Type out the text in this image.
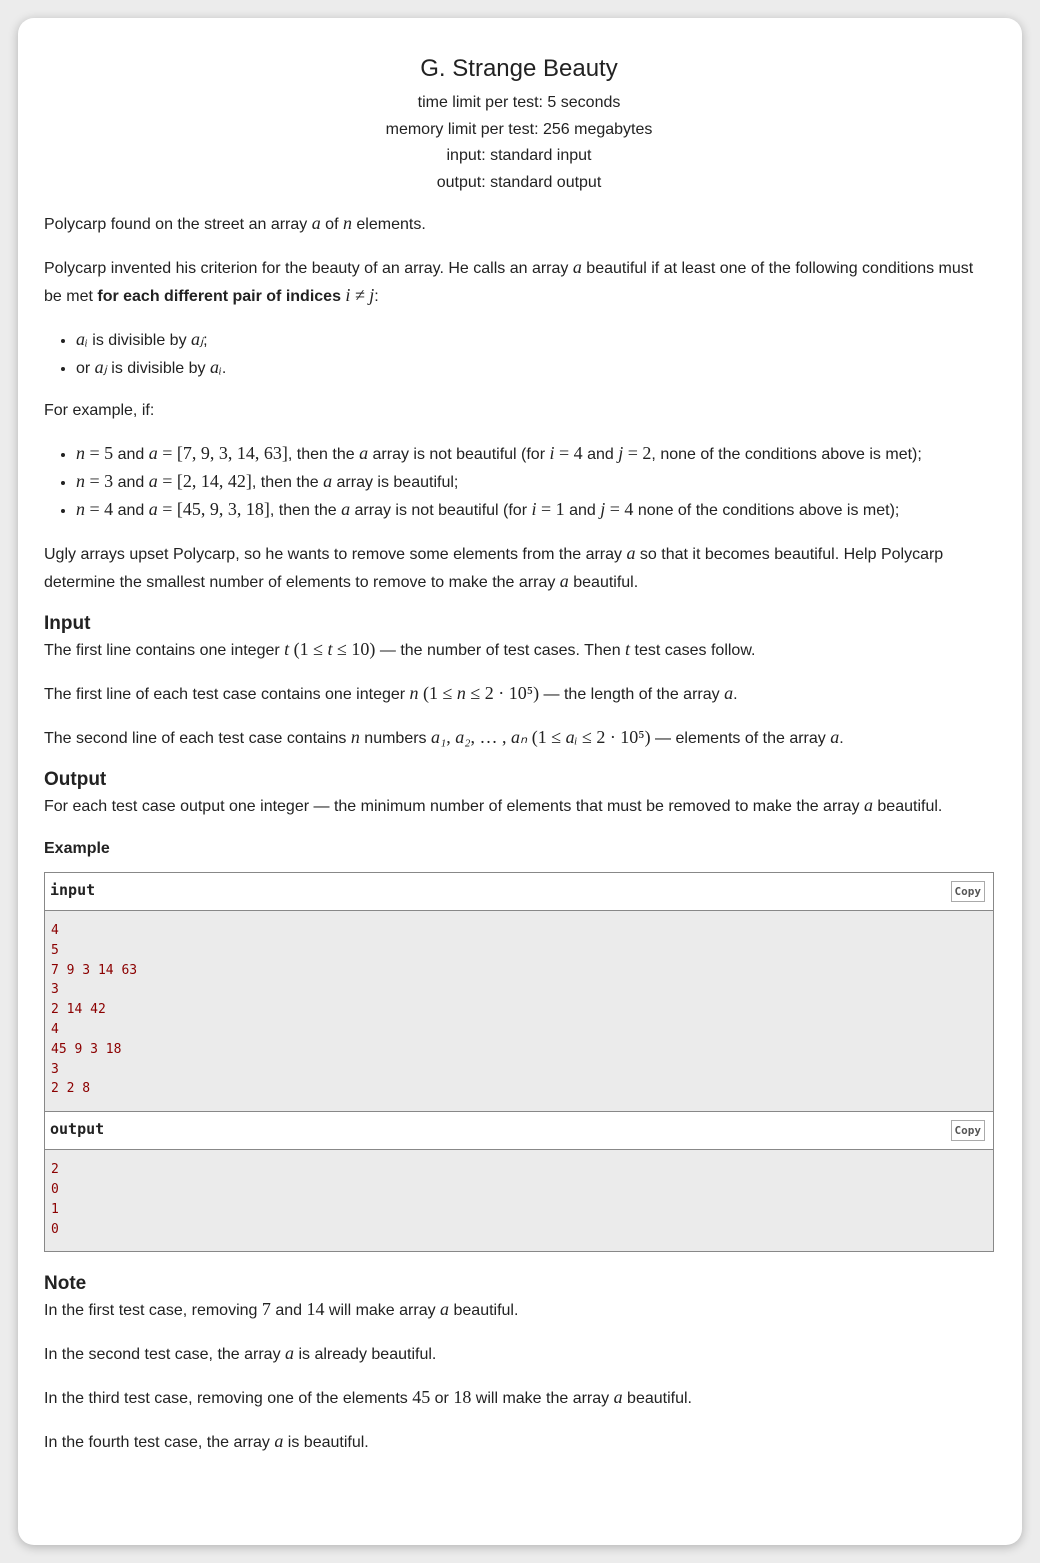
G. Strange Beauty
time limit per test: 5 seconds
memory limit per test: 256 megabytes
input: standard input
output: standard output

Polycarp found on the street an array a of n elements.

Polycarp invented his criterion for the beauty of an array. He calls an array a beautiful if at least one of the following conditions must be met for each different pair of indices i ≠ j:

• aᵢ is divisible by aⱼ;
• or aⱼ is divisible by aᵢ.

For example, if:

• n = 5 and a = [7, 9, 3, 14, 63], then the a array is not beautiful (for i = 4 and j = 2, none of the conditions above is met);
• n = 3 and a = [2, 14, 42], then the a array is beautiful;
• n = 4 and a = [45, 9, 3, 18], then the a array is not beautiful (for i = 1 and j = 4 none of the conditions above is met);

Ugly arrays upset Polycarp, so he wants to remove some elements from the array a so that it becomes beautiful. Help Polycarp determine the smallest number of elements to remove to make the array a beautiful.

Input

The first line contains one integer t (1 ≤ t ≤ 10) — the number of test cases. Then t test cases follow.

The first line of each test case contains one integer n (1 ≤ n ≤ 2 · 10⁵) — the length of the array a.

The second line of each test case contains n numbers a₁, a₂, … , aₙ (1 ≤ aᵢ ≤ 2 · 10⁵) — elements of the array a.

Output

For each test case output one integer — the minimum number of elements that must be removed to make the array a beautiful.

Example
input	Copy
4
5
7 9 3 14 63
3
2 14 42
4
45 9 3 18
3
2 2 8
output	Copy
2
0
1
0
Note

In the first test case, removing 7 and 14 will make array a beautiful.

In the second test case, the array a is already beautiful.

In the third test case, removing one of the elements 45 or 18 will make the array a beautiful.

In the fourth test case, the array a is beautiful.
